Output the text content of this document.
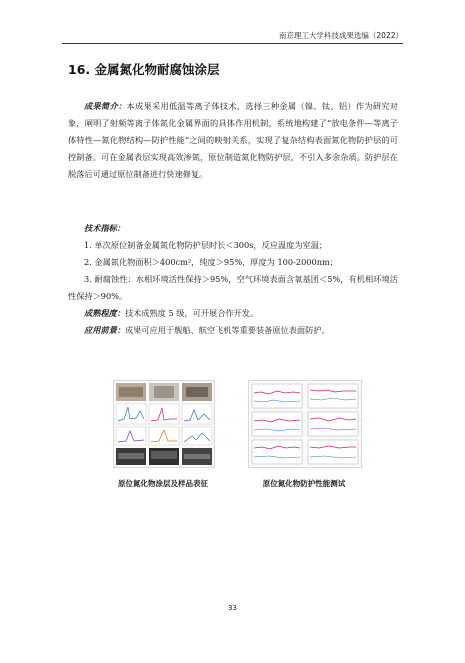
南京理工大学科技成果选编（2022）
16. 金属氮化物耐腐蚀涂层

成果简介：本成果采用低温等离子体技术，选择三种金属（镍、钛、铝）作为研究对象，阐明了射频等离子体氮化金属界面的具体作用机制，系统地构建了“放电条件—等离子体特性—氮化物结构—防护性能”之间的映射关系，实现了复杂结构表面氮化物防护层的可控制备。可在金属表层实现高效渗氮，原位制造氮化物防护层，不引入多余杂质。防护层在脱落后可通过原位制备进行快速修复。

技术指标：

1. 单次原位制备金属氮化物防护层时长＜300s，反应温度为室温；

2. 金属氮化物面积＞400cm²，纯度＞95%，厚度为 100-2000nm；

3. 耐腐蚀性：水相环境活性保持＞95%，空气环境表面含氧基团＜5%，有机相环境活性保持＞90%。

成熟程度：技术成熟度 5 级，可开展合作开发。

应用前景：成果可应用于舰船、航空飞机等重要装备原位表面防护。

原位氮化物涂层及样品表征	原位氮化物防护性能测试
33
